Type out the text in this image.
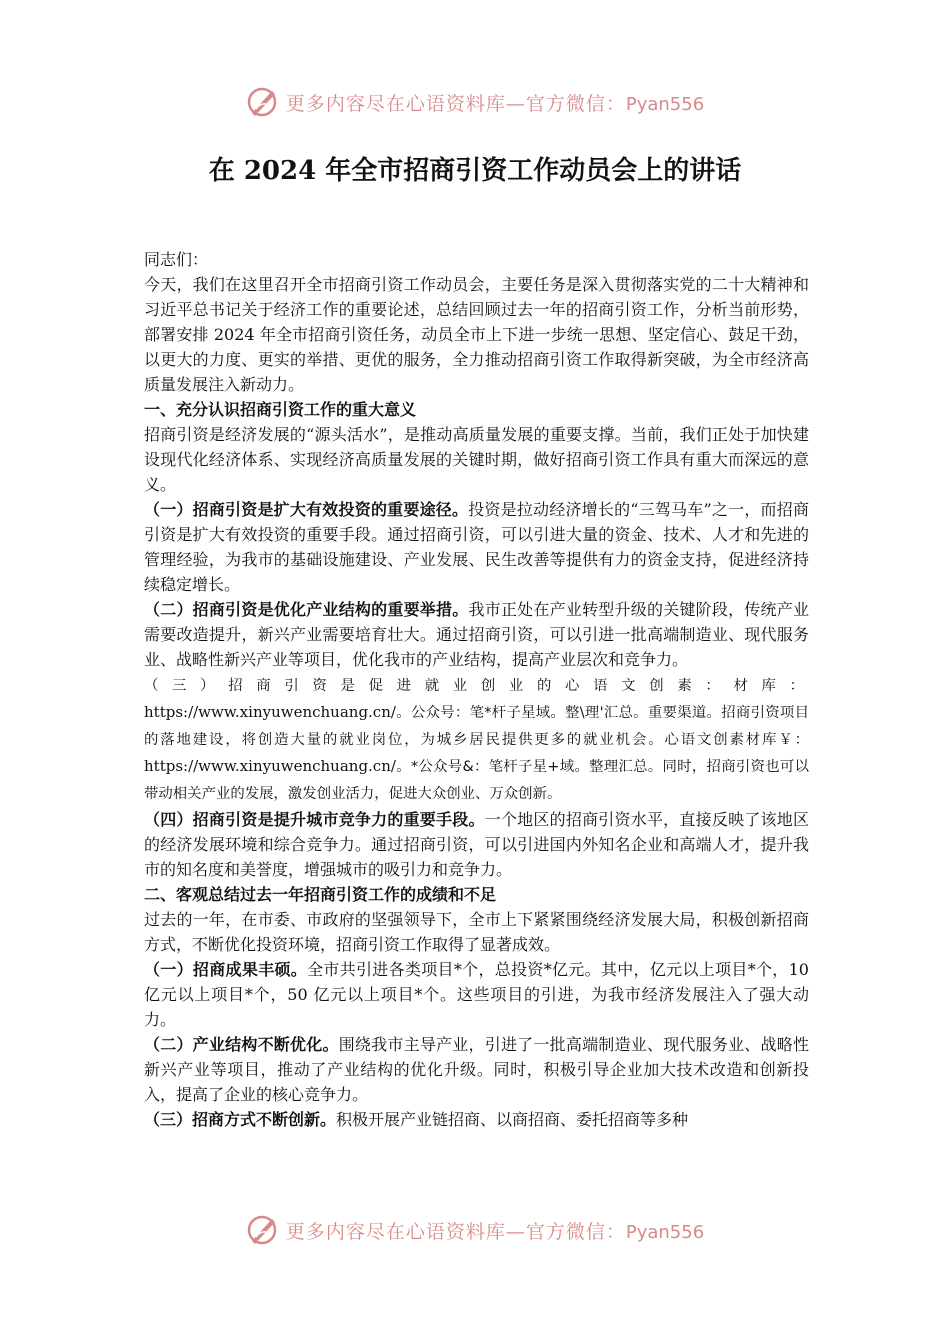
更多内容尽在心语资料库—官方微信：Pyan556
在 2024 年全市招商引资工作动员会上的讲话

同志们：

今天，我们在这里召开全市招商引资工作动员会，主要任务是深入贯彻落实党的二十大精神和习近平总书记关于经济工作的重要论述，总结回顾过去一年的招商引资工作，分析当前形势，部署安排 2024 年全市招商引资任务，动员全市上下进一步统一思想、坚定信心、鼓足干劲，以更大的力度、更实的举措、更优的服务，全力推动招商引资工作取得新突破，为全市经济高质量发展注入新动力。

一、充分认识招商引资工作的重大意义

招商引资是经济发展的“源头活水”，是推动高质量发展的重要支撑。当前，我们正处于加快建设现代化经济体系、实现经济高质量发展的关键时期，做好招商引资工作具有重大而深远的意义。

（一）招商引资是扩大有效投资的重要途径。投资是拉动经济增长的“三驾马车”之一，而招商引资是扩大有效投资的重要手段。通过招商引资，可以引进大量的资金、技术、人才和先进的管理经验，为我市的基础设施建设、产业发展、民生改善等提供有力的资金支持，促进经济持续稳定增长。

（二）招商引资是优化产业结构的重要举措。我市正处在产业转型升级的关键阶段，传统产业需要改造提升，新兴产业需要培育壮大。通过招商引资，可以引进一批高端制造业、现代服务业、战略性新兴产业等项目，优化我市的产业结构，提高产业层次和竞争力。

（三）招商引资是促进就业创业的心语文创素：材库：https://www.xinyuwenchuang.cn/。公众号：笔*杆子星域。整\理'汇总。重要渠道。招商引资项目的落地建设，将创造大量的就业岗位，为城乡居民提供更多的就业机会。心语文创素材库￥：https://www.xinyuwenchuang.cn/。*公众号&：笔杆子星+域。整理汇总。同时，招商引资也可以带动相关产业的发展，激发创业活力，促进大众创业、万众创新。

（四）招商引资是提升城市竞争力的重要手段。一个地区的招商引资水平，直接反映了该地区的经济发展环境和综合竞争力。通过招商引资，可以引进国内外知名企业和高端人才，提升我市的知名度和美誉度，增强城市的吸引力和竞争力。

二、客观总结过去一年招商引资工作的成绩和不足

过去的一年，在市委、市政府的坚强领导下，全市上下紧紧围绕经济发展大局，积极创新招商方式，不断优化投资环境，招商引资工作取得了显著成效。

（一）招商成果丰硕。全市共引进各类项目*个，总投资*亿元。其中，亿元以上项目*个，10 亿元以上项目*个，50 亿元以上项目*个。这些项目的引进，为我市经济发展注入了强大动力。

（二）产业结构不断优化。围绕我市主导产业，引进了一批高端制造业、现代服务业、战略性新兴产业等项目，推动了产业结构的优化升级。同时，积极引导企业加大技术改造和创新投入，提高了企业的核心竞争力。

（三）招商方式不断创新。积极开展产业链招商、以商招商、委托招商等多种

更多内容尽在心语资料库—官方微信：Pyan556
